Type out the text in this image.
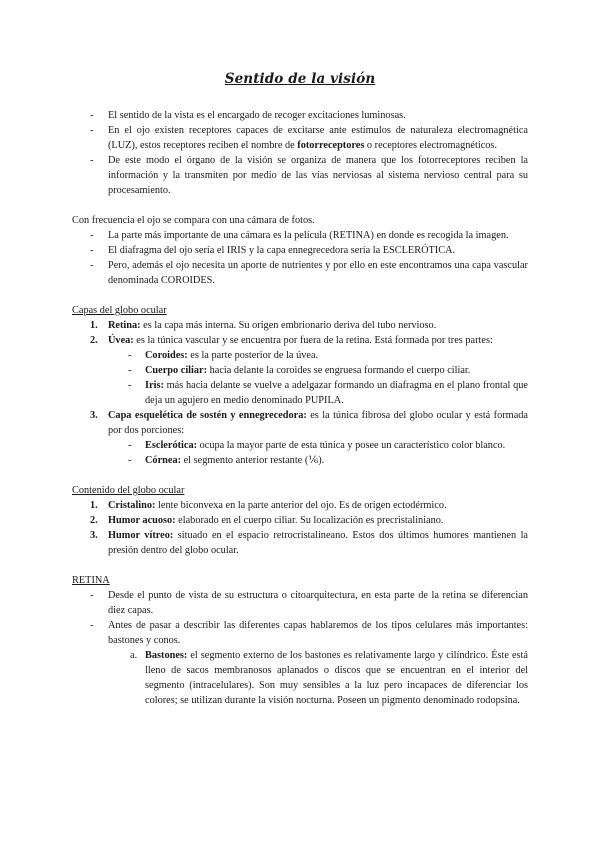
Sentido de la visión
- El sentido de la vista es el encargado de recoger excitaciones luminosas.
- En el ojo existen receptores capaces de excitarse ante estímulos de naturaleza electromagnética (LUZ), estos receptores reciben el nombre de fotorreceptores o receptores electromagnéticos.
- De este modo el órgano de la visión se organiza de manera que los fotorreceptores reciben la información y la transmiten por medio de las vías nerviosas al sistema nervioso central para su procesamiento.
Con frecuencia el ojo se compara con una cámara de fotos.
- La parte más importante de una cámara es la película (RETINA) en donde es recogida la imagen.
- El diafragma del ojo sería el IRIS y la capa ennegrecedora sería la ESCLERÓTICA.
- Pero, además el ojo necesita un aporte de nutrientes y por ello en este encontramos una capa vascular denominada COROIDES.
Capas del globo ocular
1. Retina: es la capa más interna. Su origen embrionario deriva del tubo nervioso.
2. Úvea: es la túnica vascular y se encuentra por fuera de la retina. Está formada por tres partes:
- Coroides: es la parte posterior de la úvea.
- Cuerpo ciliar: hacia delante la coroides se engruesa formando el cuerpo ciliar.
- Iris: más hacia delante se vuelve a adelgazar formando un diafragma en el plano frontal que deja un agujero en medio denominado PUPILA.
3. Capa esquelética de sostén y ennegrecedora: es la túnica fibrosa del globo ocular y está formada por dos porciones:
- Esclerótica: ocupa la mayor parte de esta túnica y posee un característico color blanco.
- Córnea: el segmento anterior restante (⅙).
Contenido del globo ocular
1. Cristalino: lente biconvexa en la parte anterior del ojo. Es de origen ectodérmico.
2. Humor acuoso: elaborado en el cuerpo ciliar. Su localización es precristaliniano.
3. Humor vítreo: situado en el espacio retrocristalineano. Estos dos últimos humores mantienen la presión dentro del globo ocular.
RETINA
- Desde el punto de vista de su estructura o citoarquitectura, en esta parte de la retina se diferencian diez capas.
- Antes de pasar a describir las diferentes capas hablaremos de los tipos celulares más importantes: bastones y conos.
a. Bastones: el segmento externo de los bastones es relativamente largo y cilíndrico. Éste está lleno de sacos membranosos aplanados o discos que se encuentran en el interior del segmento (intracelulares). Son muy sensibles a la luz pero incapaces de diferenciar los colores; se utilizan durante la visión nocturna. Poseen un pigmento denominado rodopsina.
